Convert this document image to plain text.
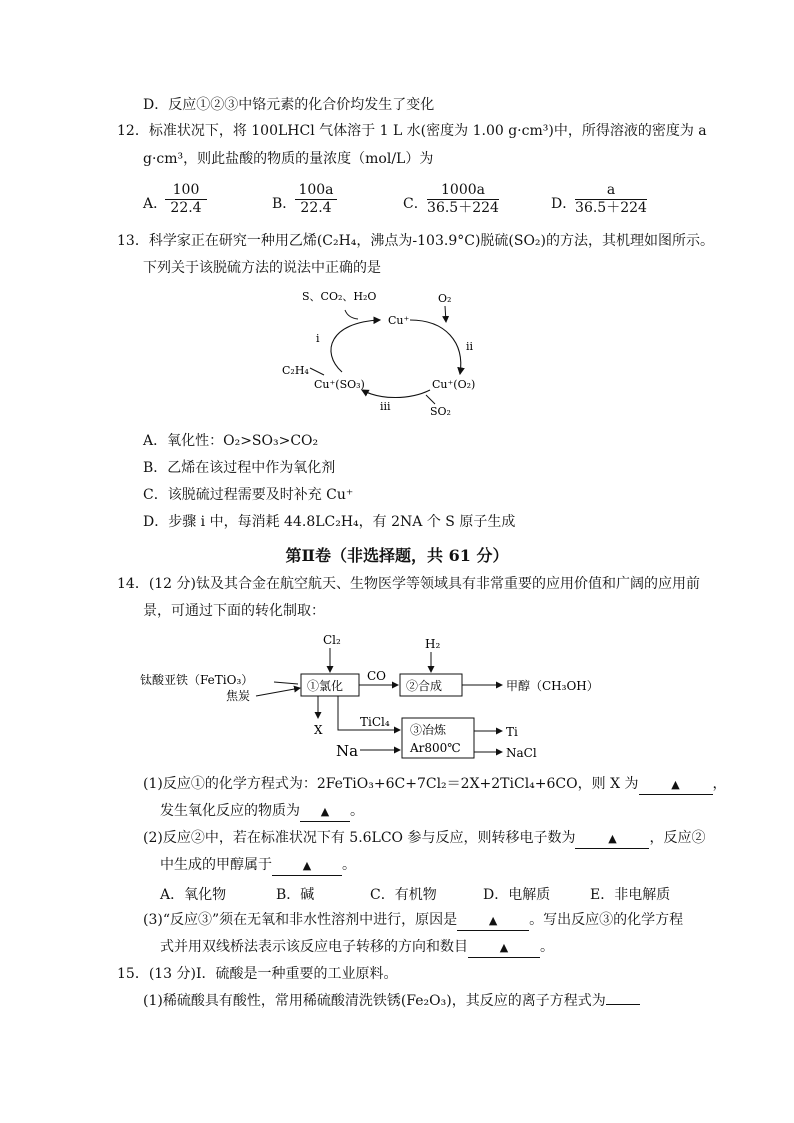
D．反应①②③中铬元素的化合价均发生了变化
12．标准状况下，将 100LHCl 气体溶于 1 L 水(密度为 1.00 g·cm³)中，所得溶液的密度为 a
g·cm³，则此盐酸的物质的量浓度（mol/L）为
A．
100
22.4	B．
100a
22.4	C．
1000a
36.5＋224	D．
a
36.5＋224
13．科学家正在研究一种用乙烯(C₂H₄，沸点为-103.9°C)脱硫(SO₂)的方法，其机理如图所示。
下列关于该脱硫方法的说法中正确的是
S、CO₂、H₂O	O₂
Cu⁺
i
ii
C₂H₄
Cu⁺(SO₃)	Cu⁺(O₂)
iii	SO₂
A．氧化性：O₂>SO₃>CO₂
B．乙烯在该过程中作为氧化剂
C．该脱硫过程需要及时补充 Cu⁺
D．步骤 i 中，每消耗 44.8LC₂H₄，有 2NA 个 S 原子生成
第Ⅱ卷（非选择题，共 61 分）
14．(12 分)钛及其合金在航空航天、生物医学等领域具有非常重要的应用价值和广阔的应用前
景，可通过下面的转化制取：
Cl₂	H₂
钛酸亚铁（FeTiO₃）
焦炭
①氯化
CO
②合成	甲醇（CH₃OH）
X
TiCl₄
③冶炼
Ar800℃
Na
Ti
NaCl
(1)反应①的化学方程式为：2FeTiO₃+6C+7Cl₂＝2X+2TiCl₄+6CO，则 X 为	▲ ，
发生氧化反应的物质为 ▲ 。
(2)反应②中，若在标准状况下有 5.6LCO 参与反应，则转移电子数为	▲ ，反应②
中生成的甲醇属于	▲ 。
A．氧化物	B．碱	C．有机物	D．电解质	E．非电解质
(3)“反应③”须在无氧和非水性溶剂中进行，原因是	▲ 。写出反应③的化学方程
式并用双线桥法表示该反应电子转移的方向和数目	▲ 。
15．(13 分)Ⅰ．硫酸是一种重要的工业原料。
(1)稀硫酸具有酸性，常用稀硫酸清洗铁锈(Fe₂O₃)，其反应的离子方程式为
